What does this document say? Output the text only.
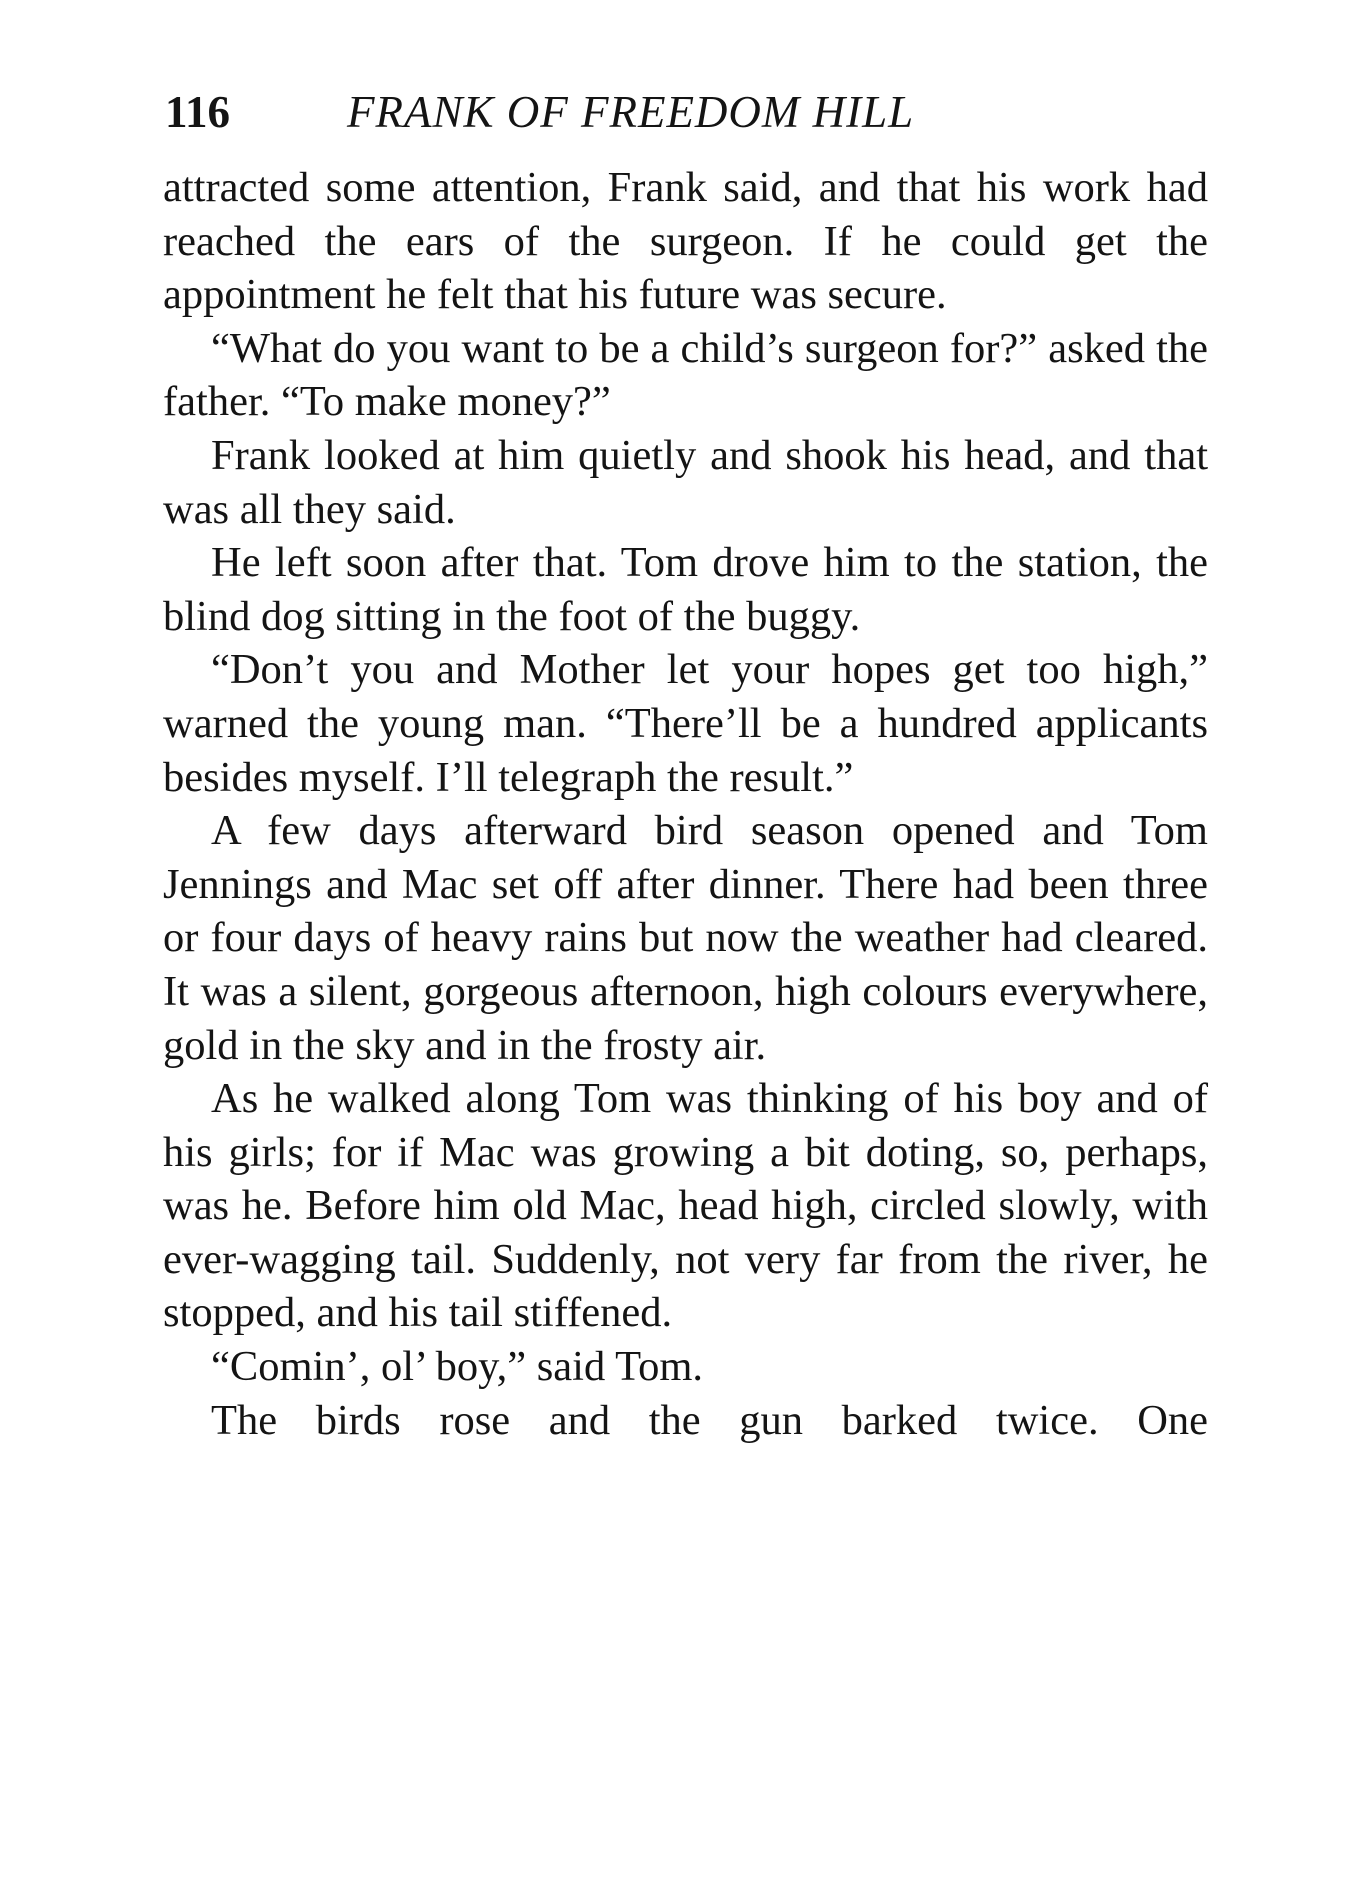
116	FRANK OF FREEDOM HILL

attracted some attention, Frank said, and that his work had reached the ears of the surgeon. If he could get the appointment he felt that his future was secure.

“What do you want to be a child’s surgeon for?” asked the father. “To make money?”

Frank looked at him quietly and shook his head, and that was all they said.

He left soon after that. Tom drove him to the station, the blind dog sitting in the foot of the buggy.

“Don’t you and Mother let your hopes get too high,” warned the young man. “There’ll be a hundred applicants besides myself. I’ll telegraph the result.”

A few days afterward bird season opened and Tom Jennings and Mac set off after dinner. There had been three or four days of heavy rains but now the weather had cleared. It was a silent, gorgeous afternoon, high colours everywhere, gold in the sky and in the frosty air.

As he walked along Tom was thinking of his boy and of his girls; for if Mac was growing a bit doting, so, perhaps, was he. Before him old Mac, head high, circled slowly, with ever-wagging tail. Suddenly, not very far from the river, he stopped, and his tail stiffened.

“Comin’, ol’ boy,” said Tom.

The birds rose and the gun barked twice. One
